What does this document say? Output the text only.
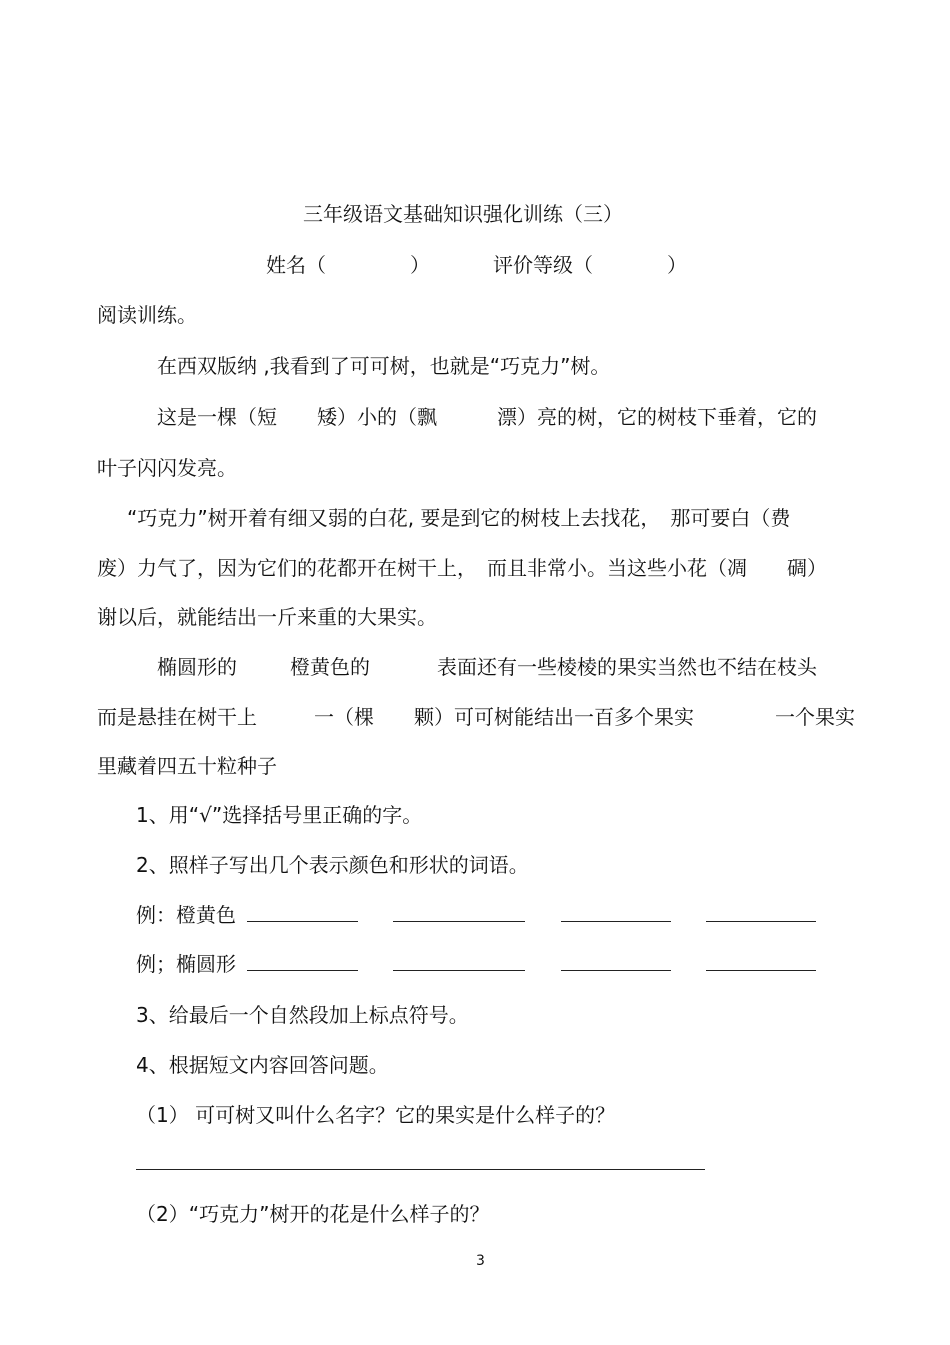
三年级语文基础知识强化训练（三）
姓名（	）	评价等级（	）
阅读训练。
在西双版纳 ,我看到了可可树，也就是“巧克力”树。
这是一棵（短　　矮）小的（飘　　　漂）亮的树，它的树枝下垂着，它的
叶子闪闪发亮。
“巧克力”树开着有细又弱的白花, 要是到它的树枝上去找花，　那可要白（费
废）力气了，因为它们的花都开在树干上，　而且非常小。当这些小花（凋　　碉）
谢以后，就能结出一斤来重的大果实。
椭圆形的	橙黄色的	表面还有一些棱棱的果实当然也不结在枝头
而是悬挂在树干上	一（棵　　颗）可可树能结出一百多个果实	一个果实
里藏着四五十粒种子
1、用“√”选择括号里正确的字。
2、照样子写出几个表示颜色和形状的词语。
例：橙黄色
例；椭圆形
3、给最后一个自然段加上标点符号。
4、根据短文内容回答问题。
（1） 可可树又叫什么名字？它的果实是什么样子的？
（2）“巧克力”树开的花是什么样子的？
3
